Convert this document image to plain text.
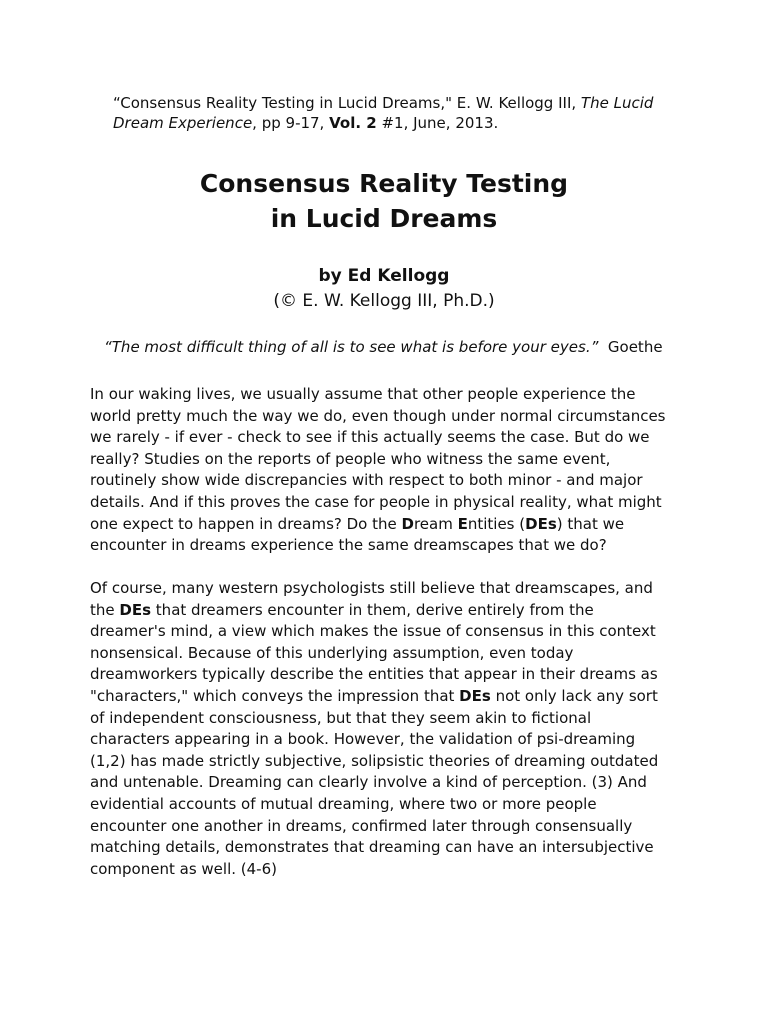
“Consensus Reality Testing in Lucid Dreams," E. W. Kellogg III, The Lucid
Dream Experience, pp 9-17, Vol. 2 #1, June, 2013.
Consensus Reality Testing
in Lucid Dreams
by Ed Kellogg
(© E. W. Kellogg III, Ph.D.)
“The most difficult thing of all is to see what is before your eyes.” Goethe
In our waking lives, we usually assume that other people experience the
world pretty much the way we do, even though under normal circumstances
we rarely - if ever - check to see if this actually seems the case. But do we
really? Studies on the reports of people who witness the same event,
routinely show wide discrepancies with respect to both minor - and major
details. And if this proves the case for people in physical reality, what might
one expect to happen in dreams? Do the Dream Entities (DEs) that we
encounter in dreams experience the same dreamscapes that we do?
Of course, many western psychologists still believe that dreamscapes, and
the DEs that dreamers encounter in them, derive entirely from the
dreamer's mind, a view which makes the issue of consensus in this context
nonsensical. Because of this underlying assumption, even today
dreamworkers typically describe the entities that appear in their dreams as
"characters," which conveys the impression that DEs not only lack any sort
of independent consciousness, but that they seem akin to fictional
characters appearing in a book. However, the validation of psi-dreaming
(1,2) has made strictly subjective, solipsistic theories of dreaming outdated
and untenable. Dreaming can clearly involve a kind of perception. (3) And
evidential accounts of mutual dreaming, where two or more people
encounter one another in dreams, confirmed later through consensually
matching details, demonstrates that dreaming can have an intersubjective
component as well. (4-6)
